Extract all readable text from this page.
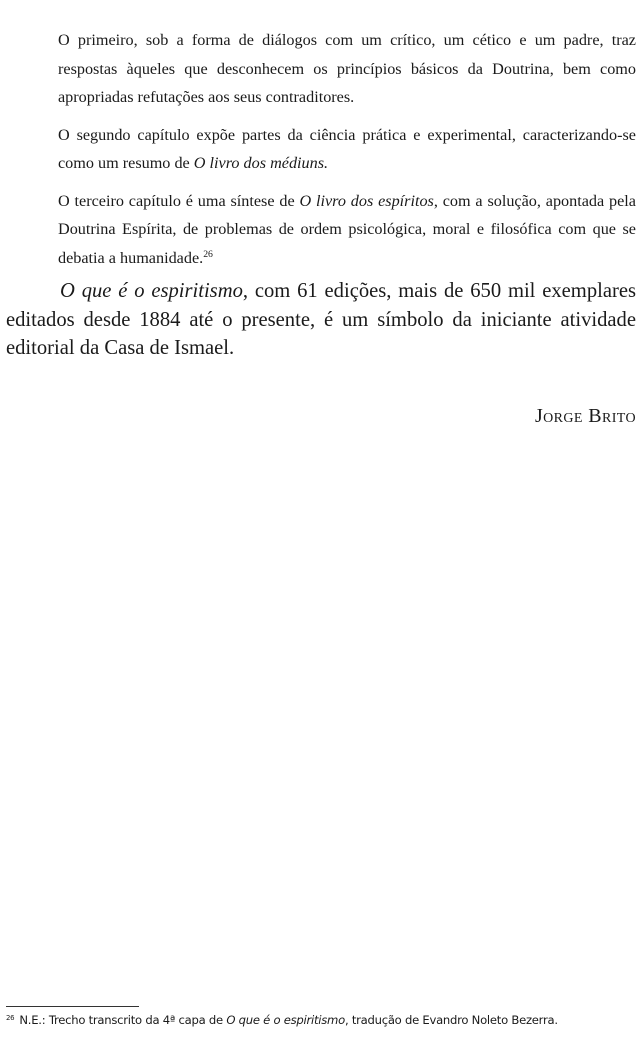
O primeiro, sob a forma de diálogos com um crítico, um cético e um padre, traz respostas àqueles que desconhecem os princípios básicos da Doutrina, bem como apropriadas refutações aos seus contraditores.

O segundo capítulo expõe partes da ciência prática e experimental, caracterizando-se como um resumo de O livro dos médiuns.

O terceiro capítulo é uma síntese de O livro dos espíritos, com a solução, apontada pela Doutrina Espírita, de problemas de ordem psicológica, moral e filosófica com que se debatia a humanidade.$^{26}$

O que é o espiritismo, com 61 edições, mais de 650 mil exemplares editados desde 1884 até o presente, é um símbolo da iniciante atividade editorial da Casa de Ismael.

Jorge Brito
$^{26}$ N.E.: Trecho transcrito da 4ª capa de O que é o espiritismo, tradução de Evandro Noleto Bezerra.
